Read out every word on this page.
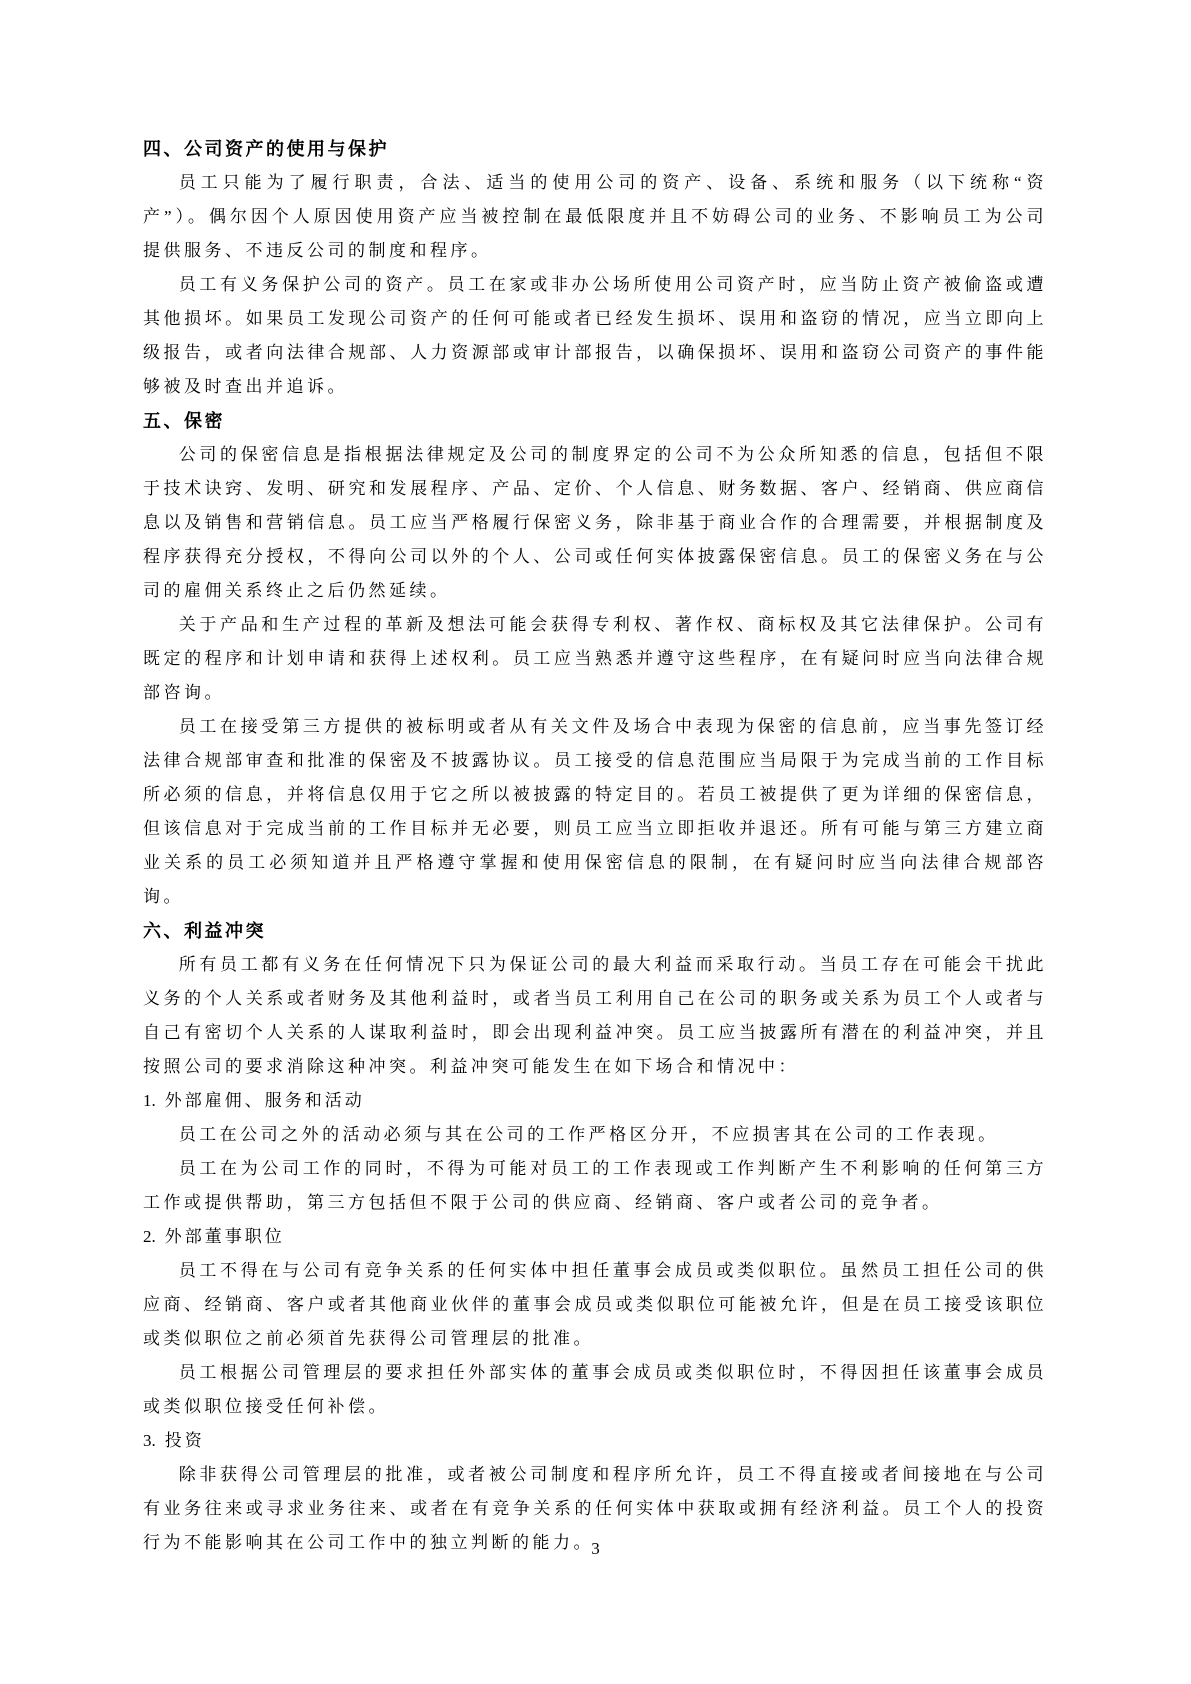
四、公司资产的使用与保护

员工只能为了履行职责，合法、适当的使用公司的资产、设备、系统和服务（以下统称“资产”）。偶尔因个人原因使用资产应当被控制在最低限度并且不妨碍公司的业务、不影响员工为公司提供服务、不违反公司的制度和程序。

员工有义务保护公司的资产。员工在家或非办公场所使用公司资产时，应当防止资产被偷盗或遭其他损坏。如果员工发现公司资产的任何可能或者已经发生损坏、误用和盗窃的情况，应当立即向上级报告，或者向法律合规部、人力资源部或审计部报告，以确保损坏、误用和盗窃公司资产的事件能够被及时查出并追诉。

五、保密

公司的保密信息是指根据法律规定及公司的制度界定的公司不为公众所知悉的信息，包括但不限于技术诀窍、发明、研究和发展程序、产品、定价、个人信息、财务数据、客户、经销商、供应商信息以及销售和营销信息。员工应当严格履行保密义务，除非基于商业合作的合理需要，并根据制度及程序获得充分授权，不得向公司以外的个人、公司或任何实体披露保密信息。员工的保密义务在与公司的雇佣关系终止之后仍然延续。

关于产品和生产过程的革新及想法可能会获得专利权、著作权、商标权及其它法律保护。公司有既定的程序和计划申请和获得上述权利。员工应当熟悉并遵守这些程序，在有疑问时应当向法律合规部咨询。

员工在接受第三方提供的被标明或者从有关文件及场合中表现为保密的信息前，应当事先签订经法律合规部审查和批准的保密及不披露协议。员工接受的信息范围应当局限于为完成当前的工作目标所必须的信息，并将信息仅用于它之所以被披露的特定目的。若员工被提供了更为详细的保密信息，但该信息对于完成当前的工作目标并无必要，则员工应当立即拒收并退还。所有可能与第三方建立商业关系的员工必须知道并且严格遵守掌握和使用保密信息的限制，在有疑问时应当向法律合规部咨询。

六、利益冲突

所有员工都有义务在任何情况下只为保证公司的最大利益而采取行动。当员工存在可能会干扰此义务的个人关系或者财务及其他利益时，或者当员工利用自己在公司的职务或关系为员工个人或者与自己有密切个人关系的人谋取利益时，即会出现利益冲突。员工应当披露所有潜在的利益冲突，并且按照公司的要求消除这种冲突。利益冲突可能发生在如下场合和情况中：

1. 外部雇佣、服务和活动

员工在公司之外的活动必须与其在公司的工作严格区分开，不应损害其在公司的工作表现。

员工在为公司工作的同时，不得为可能对员工的工作表现或工作判断产生不利影响的任何第三方工作或提供帮助，第三方包括但不限于公司的供应商、经销商、客户或者公司的竞争者。

2. 外部董事职位

员工不得在与公司有竞争关系的任何实体中担任董事会成员或类似职位。虽然员工担任公司的供应商、经销商、客户或者其他商业伙伴的董事会成员或类似职位可能被允许，但是在员工接受该职位或类似职位之前必须首先获得公司管理层的批准。

员工根据公司管理层的要求担任外部实体的董事会成员或类似职位时，不得因担任该董事会成员或类似职位接受任何补偿。

3. 投资

除非获得公司管理层的批准，或者被公司制度和程序所允许，员工不得直接或者间接地在与公司有业务往来或寻求业务往来、或者在有竞争关系的任何实体中获取或拥有经济利益。员工个人的投资行为不能影响其在公司工作中的独立判断的能力。

3
